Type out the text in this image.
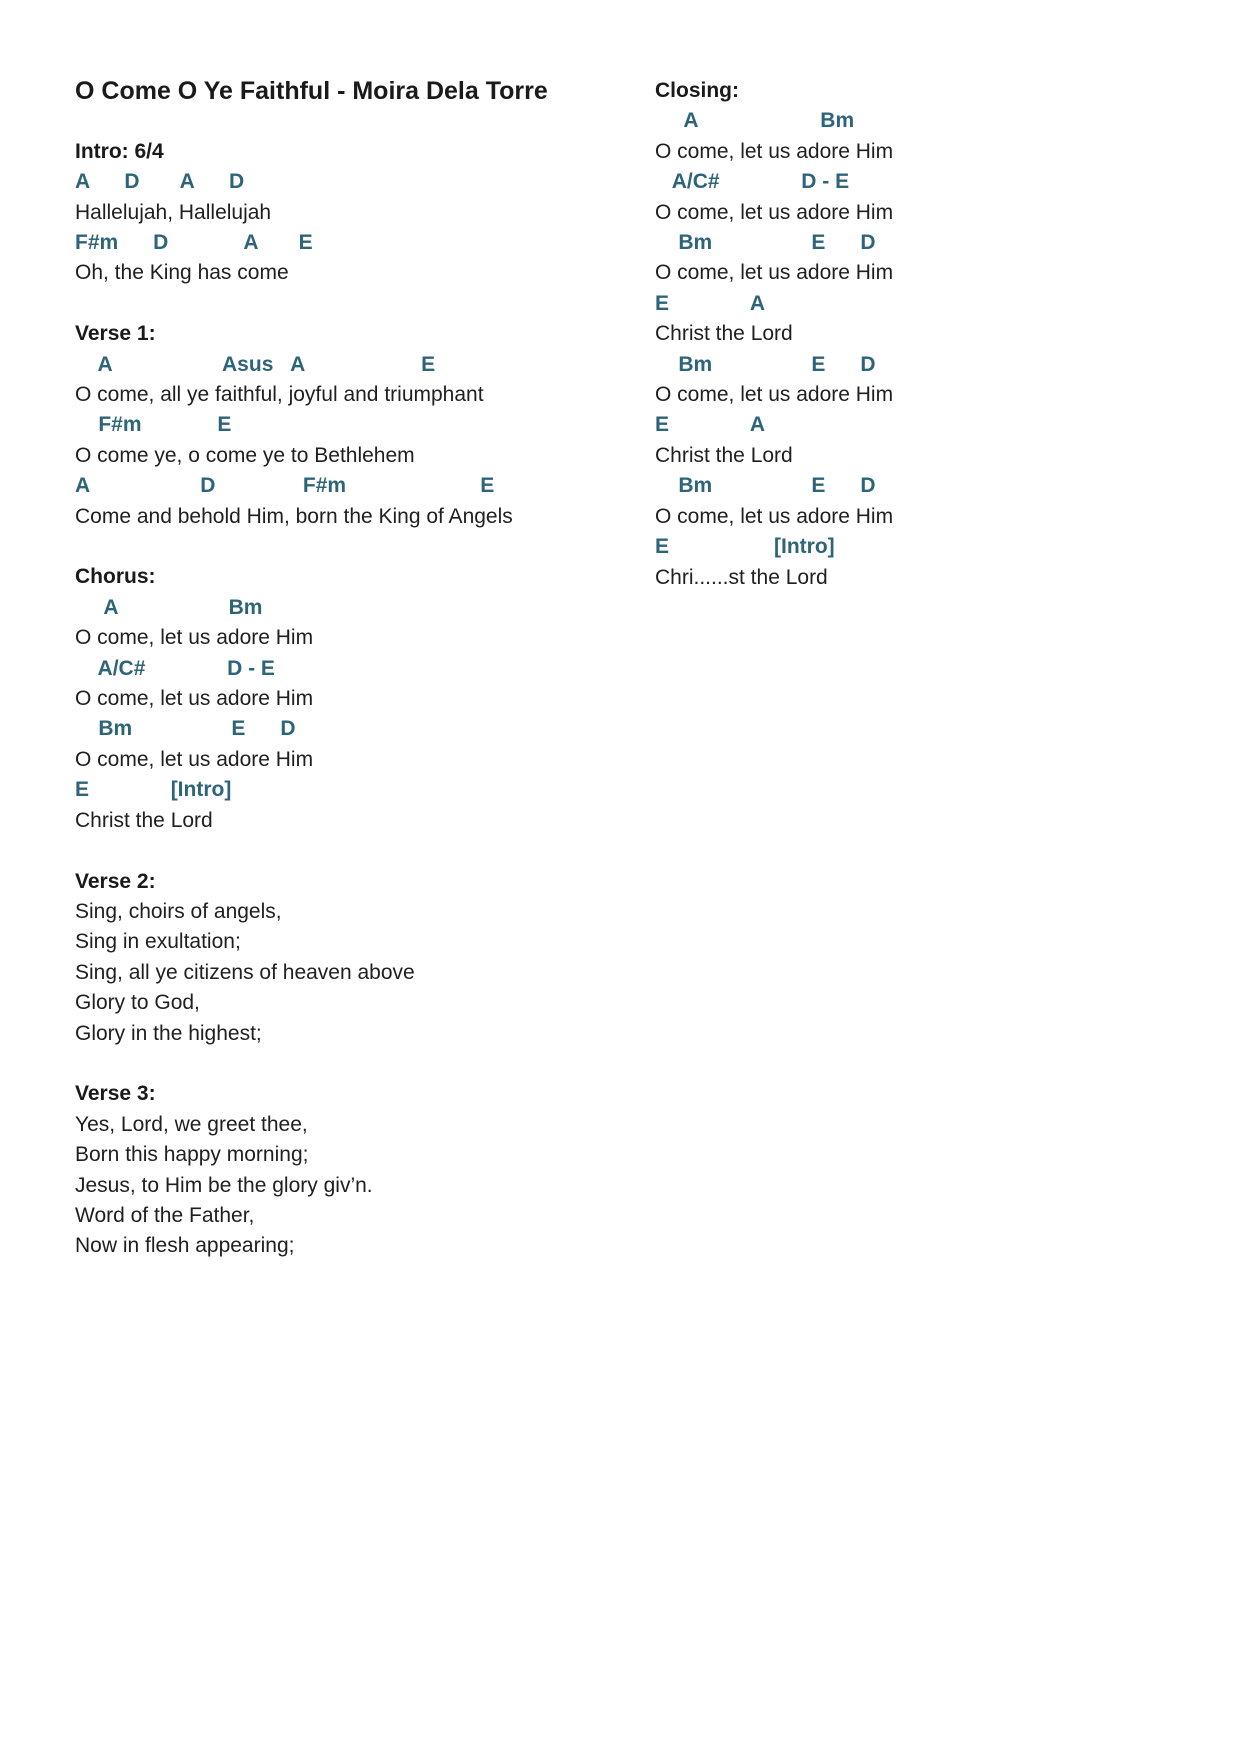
O Come O Ye Faithful - Moira Dela Torre
Intro: 6/4
A      D       A      D
Hallelujah, Hallelujah
F#m      D             A       E
Oh, the King has come
Verse 1:
A                   Asus   A                    E
O come, all ye faithful, joyful and triumphant
F#m             E
O come ye, o come ye to Bethlehem
A                   D               F#m                       E
Come and behold Him, born the King of Angels
Chorus:
A                   Bm
O come, let us adore Him
A/C#              D - E
O come, let us adore Him
Bm                 E      D
O come, let us adore Him
E              [Intro]
Christ the Lord
Verse 2:
Sing, choirs of angels,
Sing in exultation;
Sing, all ye citizens of heaven above
Glory to God,
Glory in the highest;
Verse 3:
Yes, Lord, we greet thee,
Born this happy morning;
Jesus, to Him be the glory giv’n.
Word of the Father,
Now in flesh appearing;
Closing:
A                     Bm
O come, let us adore Him
A/C#              D - E
O come, let us adore Him
Bm                 E      D
O come, let us adore Him
E              A
Christ the Lord
Bm                 E      D
O come, let us adore Him
E              A
Christ the Lord
Bm                 E      D
O come, let us adore Him
E                  [Intro]
Chri......st the Lord
